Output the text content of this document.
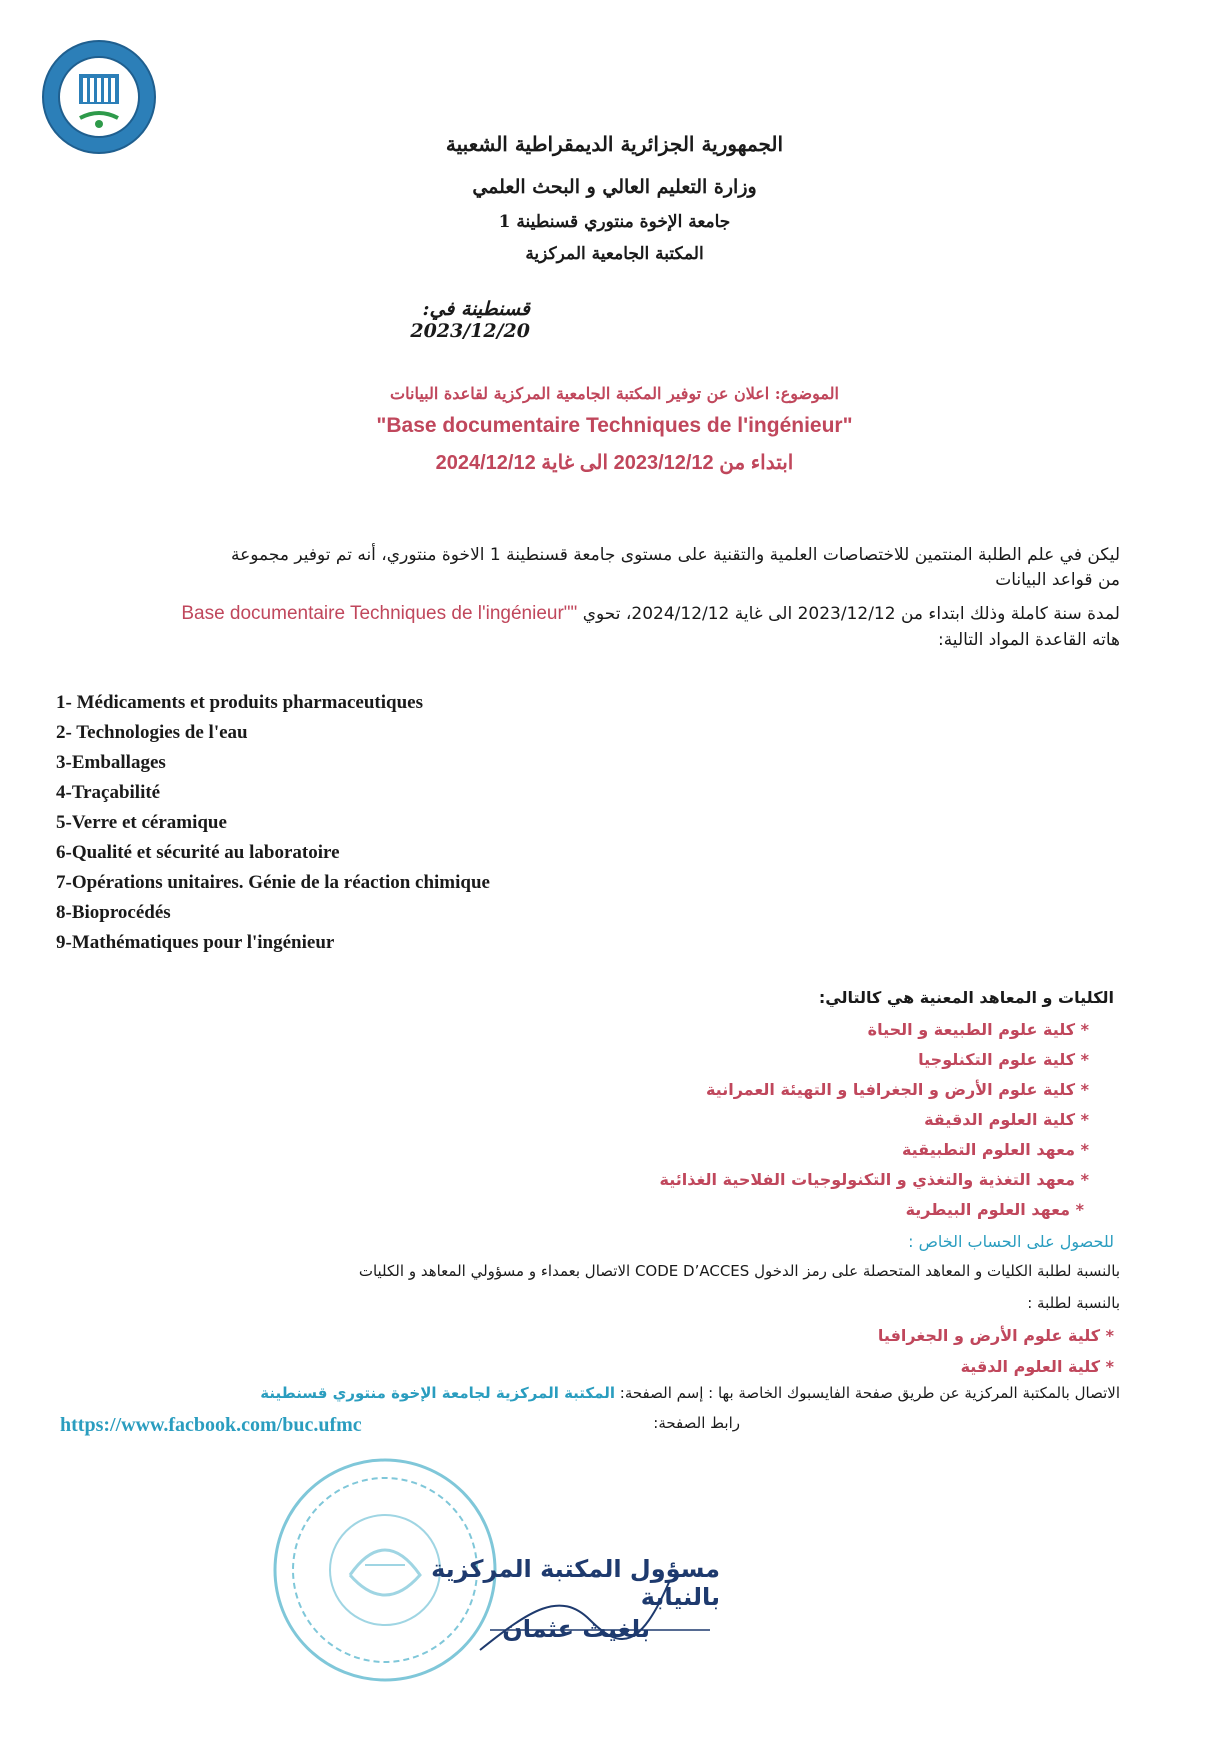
الجمهورية الجزائرية الديمقراطية الشعبية
وزارة التعليم العالي و البحث العلمي
جامعة الإخوة منتوري قسنطينة 1
المكتبة الجامعية المركزية
قسنطينة في: 2023/12/20
الموضوع: اعلان عن توفير المكتبة الجامعية المركزية لقاعدة البيانات
"Base documentaire Techniques de l'ingénieur"
ابتداء من 2023/12/12 الى غاية 2024/12/12
ليكن في علم الطلبة المنتمين للاختصاصات العلمية والتقنية على مستوى جامعة قسنطينة 1 الاخوة منتوري، أنه تم توفير مجموعة
من قواعد البيانات
لمدة سنة كاملة وذلك ابتداء من 2023/12/12 الى غاية 2024/12/12، تحوي Base documentaire Techniques de l'ingénieur""
هاته القاعدة المواد التالية:
1- Médicaments et produits pharmaceutiques
2- Technologies de l'eau
3-Emballages
4-Traçabilité
5-Verre et céramique
6-Qualité et sécurité au laboratoire
7-Opérations unitaires. Génie de la réaction chimique
8-Bioprocédés
9-Mathématiques pour l'ingénieur
الكليات و المعاهد المعنية هي كالتالي:
* كلية علوم الطبيعة و الحياة
* كلية علوم التكنلوجيا
* كلية علوم الأرض و الجغرافيا و التهيئة العمرانية
* كلية العلوم الدقيقة
* معهد العلوم التطبيقية
* معهد التغذية والتغذي و التكنولوجيات الفلاحية الغذائية
* معهد العلوم البيطرية
للحصول على الحساب الخاص :
بالنسبة لطلبة الكليات و المعاهد المتحصلة على رمز الدخول CODE D’ACCES الاتصال بعمداء و مسؤولي المعاهد و الكليات
بالنسبة لطلبة :
* كلية علوم الأرض و الجغرافيا
* كلية العلوم الدقية
الاتصال بالمكتبة المركزية عن طريق صفحة الفايسبوك الخاصة بها : إسم الصفحة: المكتبة المركزية لجامعة الإخوة منتوري قسنطينة
رابط الصفحة:
https://www.facbook.com/buc.ufmc
مسؤول المكتبة المركزية بالنيابة
بلغيث عثمان
